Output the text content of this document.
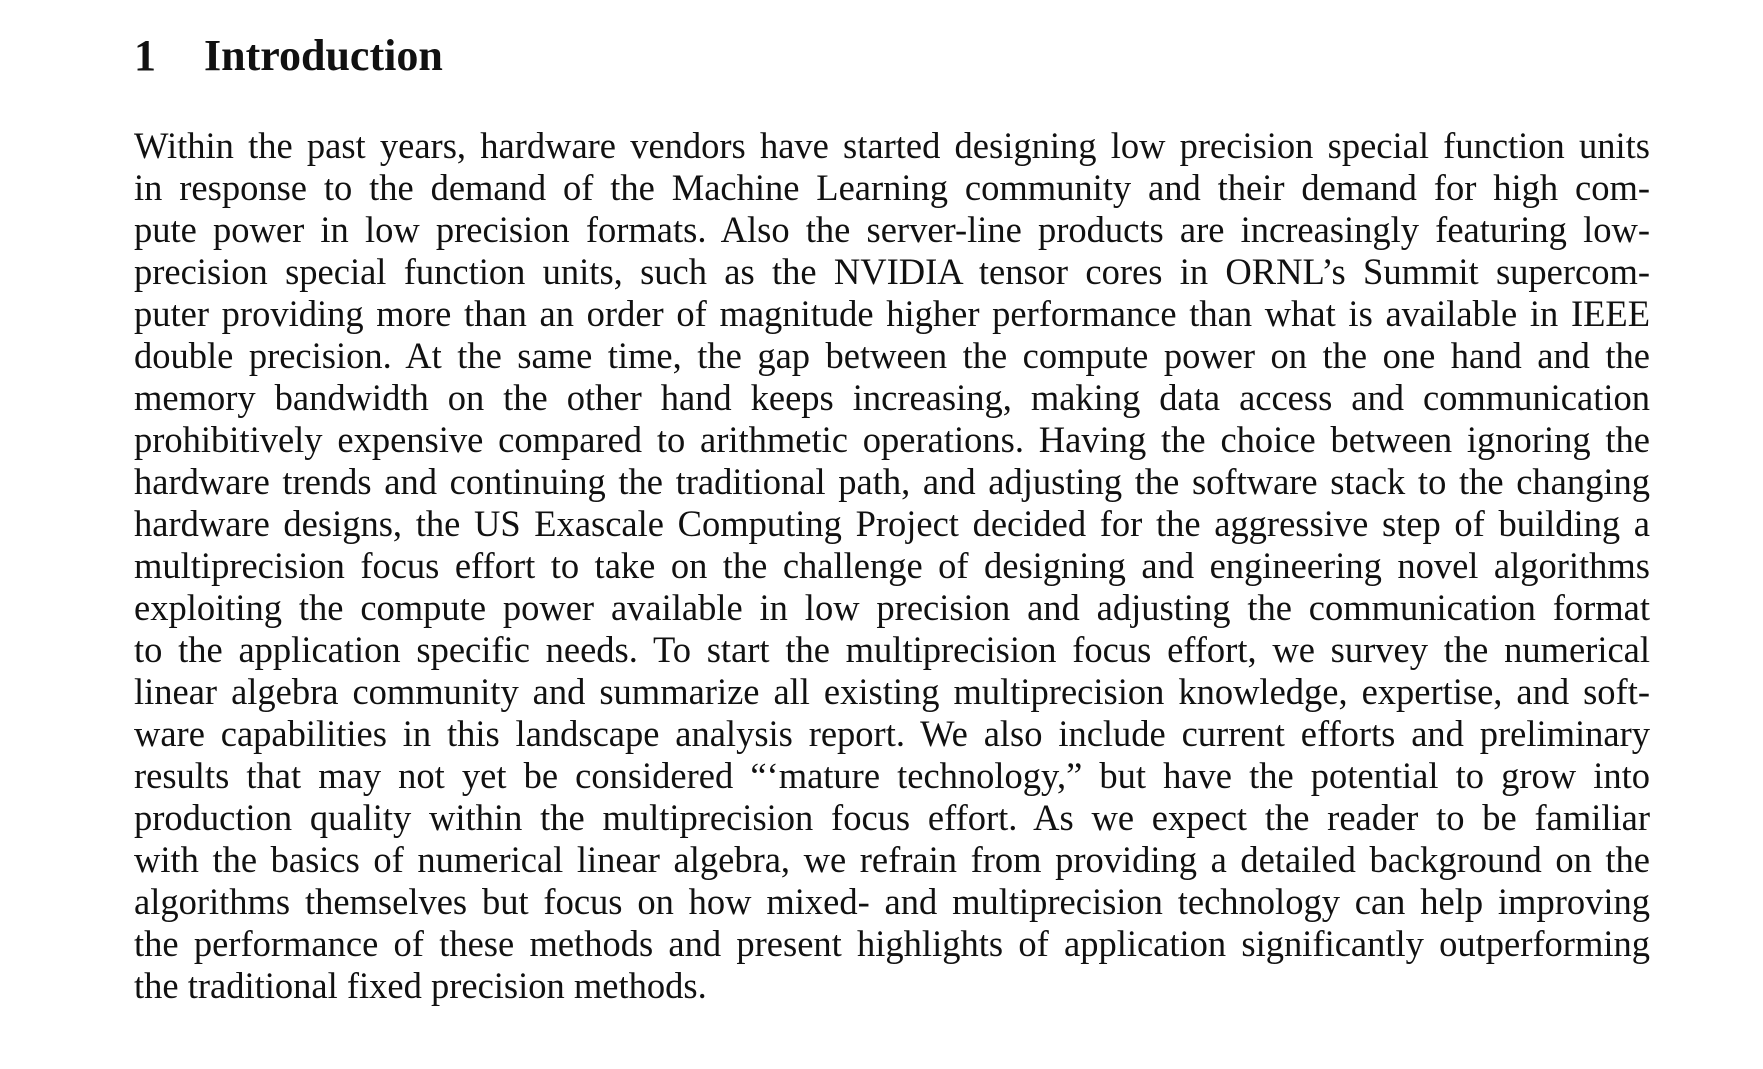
1 Introduction
Within the past years, hardware vendors have started designing low precision special function units
in response to the demand of the Machine Learning community and their demand for high com-
pute power in low precision formats. Also the server-line products are increasingly featuring low-
precision special function units, such as the NVIDIA tensor cores in ORNL’s Summit supercom-
puter providing more than an order of magnitude higher performance than what is available in IEEE
double precision. At the same time, the gap between the compute power on the one hand and the
memory bandwidth on the other hand keeps increasing, making data access and communication
prohibitively expensive compared to arithmetic operations. Having the choice between ignoring the
hardware trends and continuing the traditional path, and adjusting the software stack to the changing
hardware designs, the US Exascale Computing Project decided for the aggressive step of building a
multiprecision focus effort to take on the challenge of designing and engineering novel algorithms
exploiting the compute power available in low precision and adjusting the communication format
to the application specific needs. To start the multiprecision focus effort, we survey the numerical
linear algebra community and summarize all existing multiprecision knowledge, expertise, and soft-
ware capabilities in this landscape analysis report. We also include current efforts and preliminary
results that may not yet be considered “‘mature technology,” but have the potential to grow into
production quality within the multiprecision focus effort. As we expect the reader to be familiar
with the basics of numerical linear algebra, we refrain from providing a detailed background on the
algorithms themselves but focus on how mixed- and multiprecision technology can help improving
the performance of these methods and present highlights of application significantly outperforming
the traditional fixed precision methods.
